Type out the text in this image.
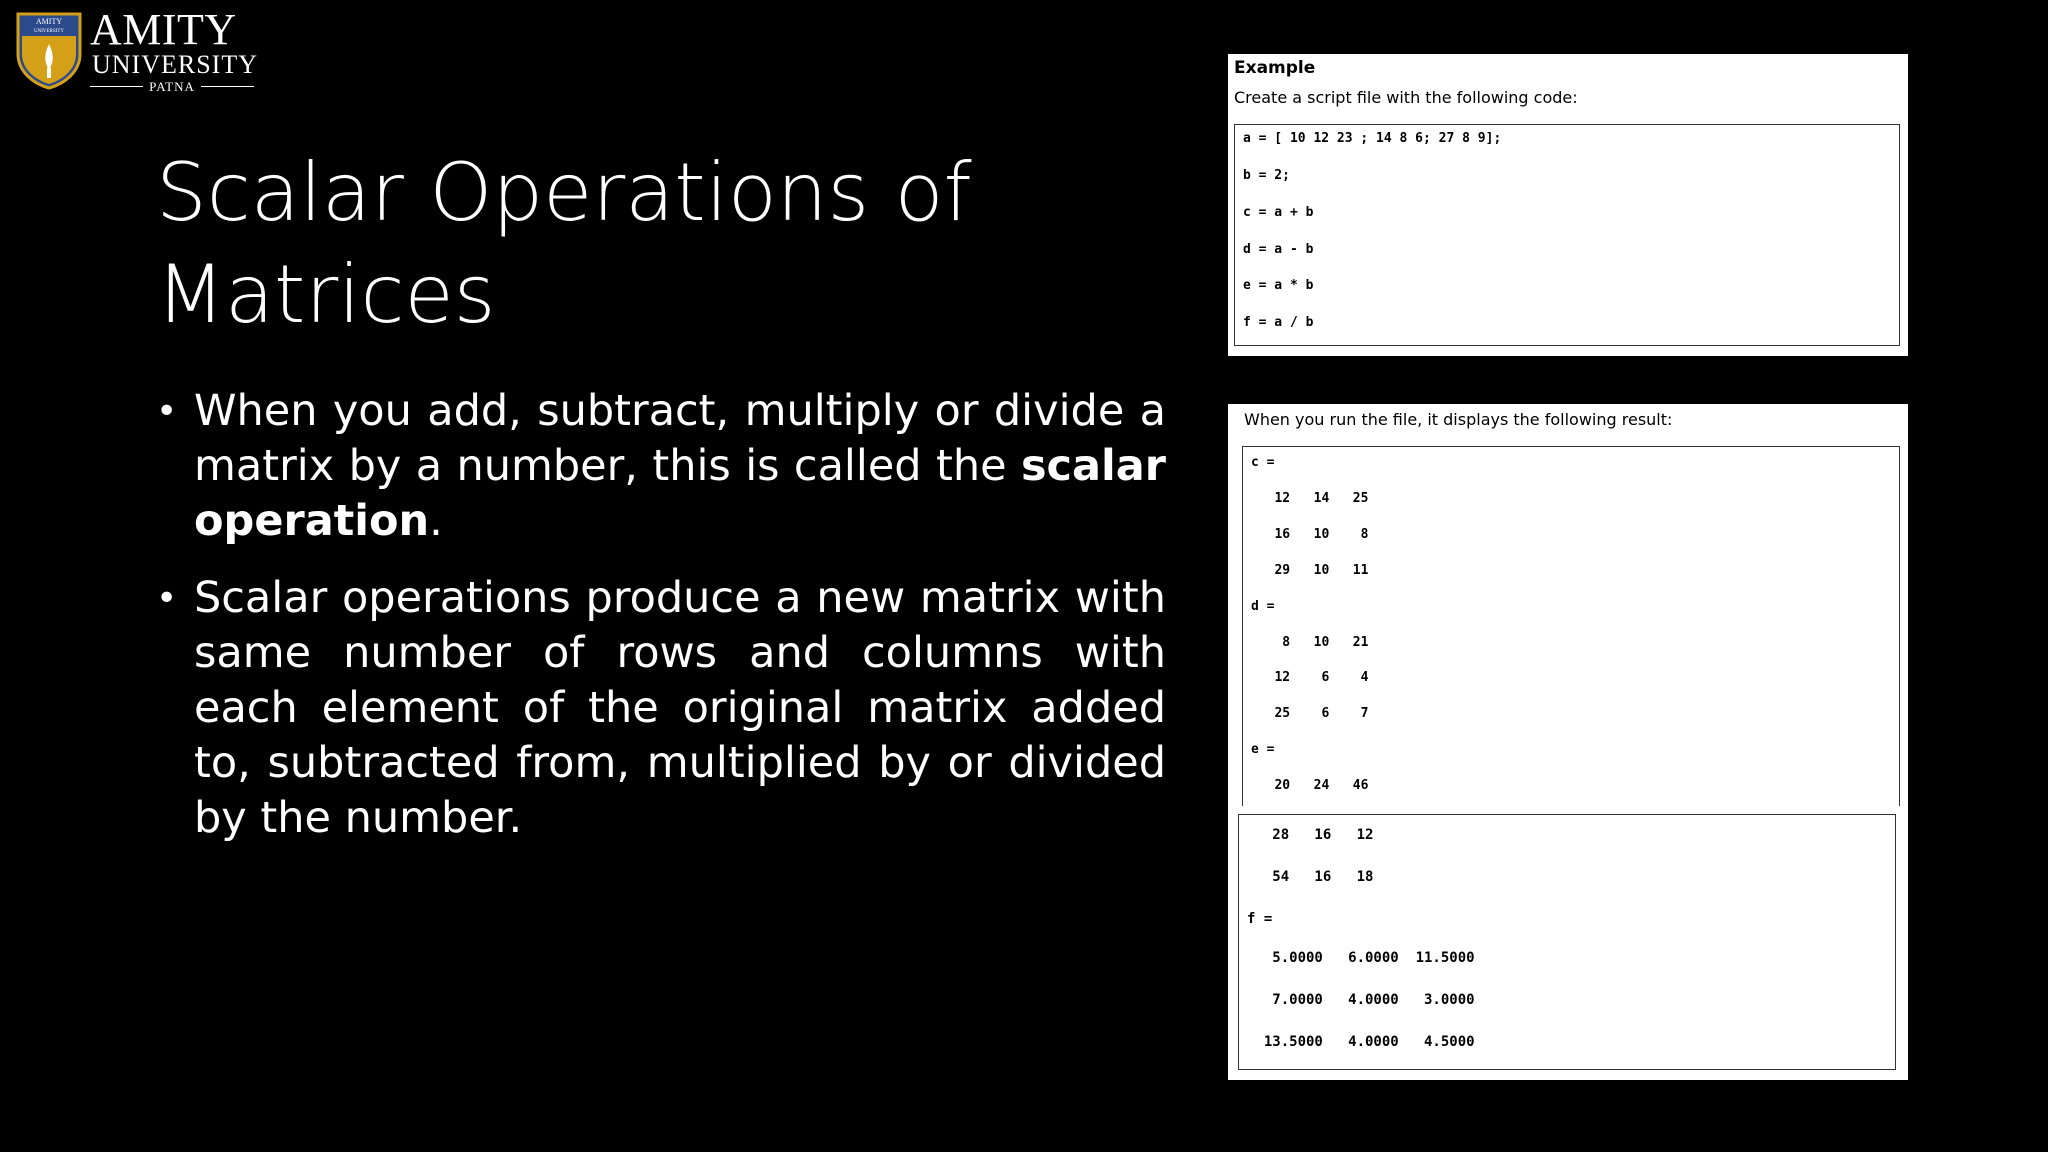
AMITY
UNIVERSITY AMITY
UNIVERSITY
PATNA
Scalar Operations of
Matrices
• When you add, subtract, multiply or divide a matrix by a number, this is called the scalar operation.
• Scalar operations produce a new matrix with same number of rows and columns with each element of the original matrix added to, subtracted from, multiplied by or divided by the number.
Example
Create a script file with the following code:
a = [ 10 12 23 ; 14 8 6; 27 8 9];
b = 2;
c = a + b
d = a - b
e = a * b
f = a / b
When you run the file, it displays the following result:
c =
12   14   25
16   10    8
29   10   11
d =
8   10   21
12    6    4
25    6    7
e =
20   24   46
28   16   12
54   16   18
f =
5.0000   6.0000  11.5000
7.0000   4.0000   3.0000
13.5000   4.0000   4.5000
